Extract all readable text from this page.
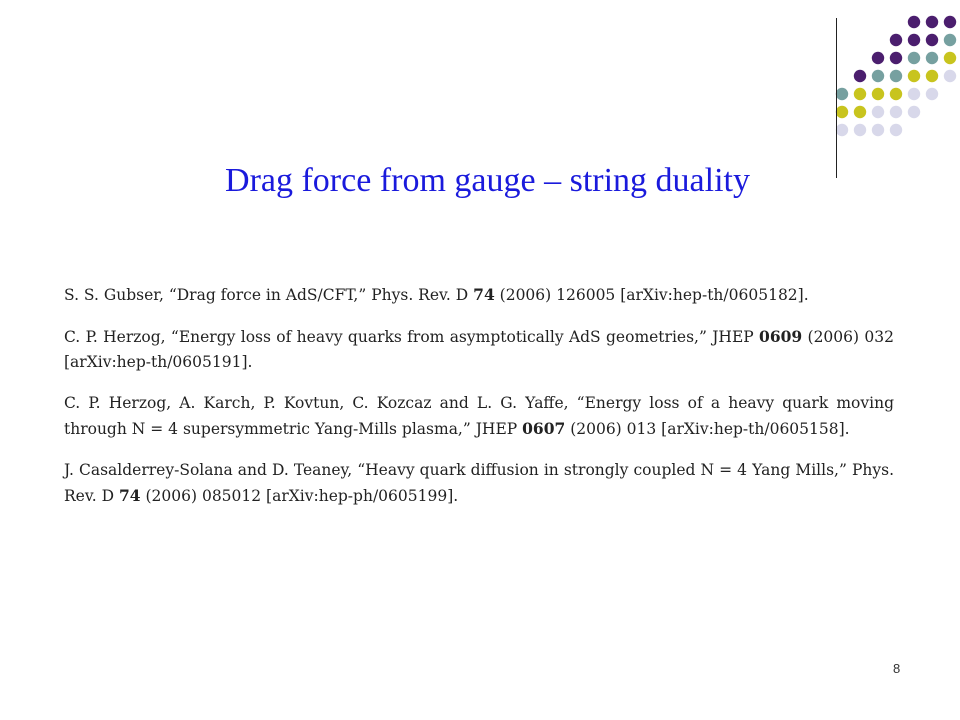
Drag force from gauge – string duality

S. S. Gubser, “Drag force in AdS/CFT,” Phys. Rev. D 74 (2006) 126005 [arXiv:hep-th/0605182].

C. P. Herzog, “Energy loss of heavy quarks from asymptotically AdS geometries,” JHEP 0609 (2006) 032 [arXiv:hep-th/0605191].

C. P. Herzog, A. Karch, P. Kovtun, C. Kozcaz and L. G. Yaffe, “Energy loss of a heavy quark moving through N = 4 supersymmetric Yang-Mills plasma,” JHEP 0607 (2006) 013 [arXiv:hep-th/0605158].

J. Casalderrey-Solana and D. Teaney, “Heavy quark diffusion in strongly coupled N = 4 Yang Mills,” Phys. Rev. D 74 (2006) 085012 [arXiv:hep-ph/0605199].

8
